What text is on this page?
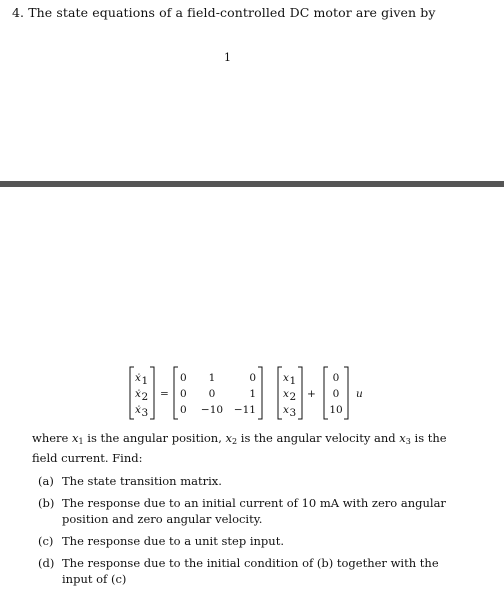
4. The state equations of a field-controlled DC motor are given by
1
ẋ 1
ẋ 2
ẋ 3
=
0 1	0
0 0	1
0 −10 −11
x 1
x 2
x 3
+
0
0
10
u
where $x_1$ is the angular position, $x_2$ is the angular velocity and $x_3$ is the field current. Find:
(a) The state transition matrix.
(b) The response due to an initial current of 10 mA with zero angular position and zero angular velocity.
(c) The response due to a unit step input.
(d) The response due to the initial condition of (b) together with the input of (c)
